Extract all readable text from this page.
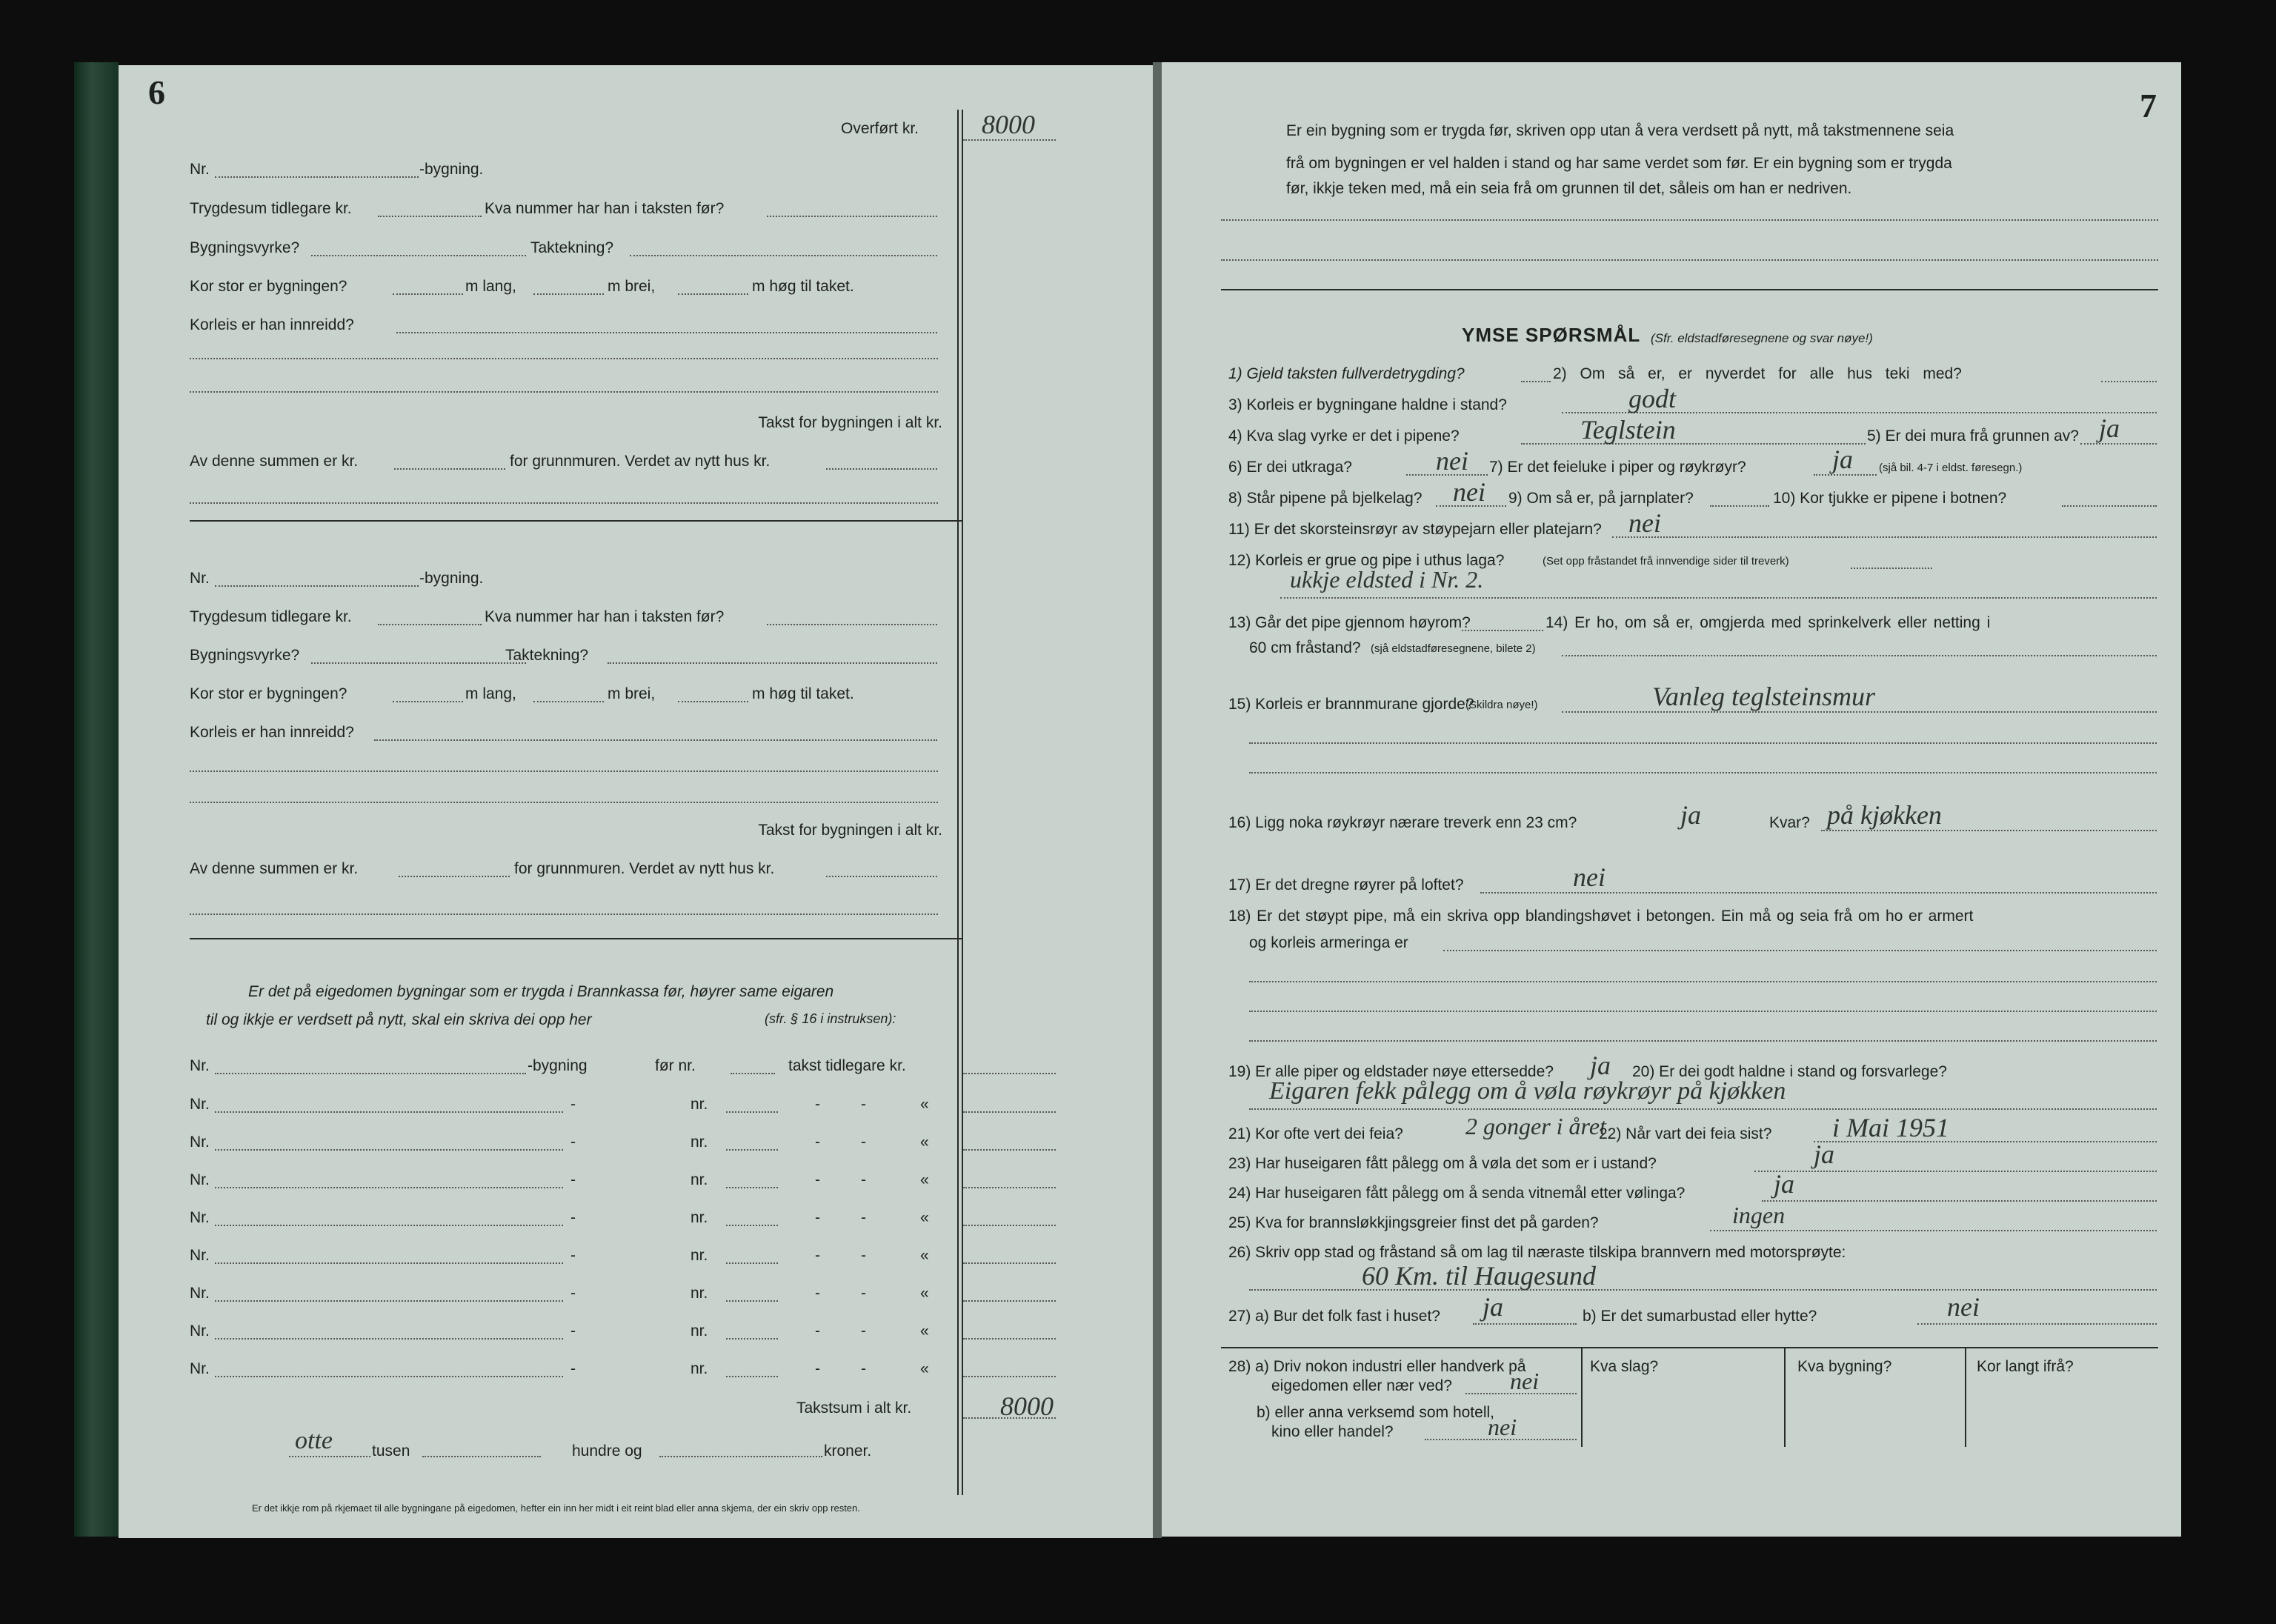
6
Overført kr. 8000
Nr.	-bygning.
Trygdesum tidlegare kr.	Kva nummer har han i taksten før?
Bygningsvyrke?	Taktekning?
Kor stor er bygningen?	m lang,	m brei,	m høg til taket.
Korleis er han innreidd?
Takst for bygningen i alt kr.
Av denne summen er kr.	for grunnmuren. Verdet av nytt hus kr.
Nr.	-bygning.
Trygdesum tidlegare kr.	Kva nummer har han i taksten før?
Bygningsvyrke?	Taktekning?
Kor stor er bygningen?	m lang,	m brei,	m høg til taket.
Korleis er han innreidd?
Takst for bygningen i alt kr.
Av denne summen er kr.	for grunnmuren. Verdet av nytt hus kr.
Er det på eigedomen bygningar som er trygda i Brannkassa før, høyrer same eigaren
til og ikkje er verdsett på nytt, skal ein skriva dei opp her	(sfr. § 16 i instruksen):
Nr.	-bygning	før nr.	takst tidlegare kr.
Nr.	-	nr.	-	-	«
Nr.	-	nr.	-	-	«
Nr.	-	nr.	-	-	«
Nr.	-	nr.	-	-	«
Nr.	-	nr.	-	-	«
Nr.	-	nr.	-	-	«
Nr.	-	nr.	-	-	«
Nr.	-	nr.	-	-	«
Takstsum i alt kr.	8000
otte	tusen	hundre og	kroner.
Er det ikkje rom på rkjemaet til alle bygningane på eigedomen, hefter ein inn her midt i eit reint blad eller anna skjema, der ein skriv opp resten.
7
Er ein bygning som er trygda før, skriven opp utan å vera verdsett på nytt, må takstmennene seia
frå om bygningen er vel halden i stand og har same verdet som før. Er ein bygning som er trygda
før, ikkje teken med, må ein seia frå om grunnen til det, såleis om han er nedriven.
YMSE SPØRSMÅL (Sfr. eldstadføresegnene og svar nøye!)
1) Gjeld taksten fullverdetrygding?	2) Om så er, er nyverdet for alle hus teki med?
3) Korleis er bygningane haldne i stand?	godt
4) Kva slag vyrke er det i pipene?	Teglstein	5) Er dei mura frå grunnen av? ja
6) Er dei utkraga?	nei 7) Er det feieluke i piper og røykrøyr?	ja (sjå bil. 4-7 i eldst. føresegn.)
8) Står pipene på bjelkelag? nei 9) Om så er, på jarnplater?	10) Kor tjukke er pipene i botnen?
11) Er det skorsteinsrøyr av støypejarn eller platejarn? nei
12) Korleis er grue og pipe i uthus laga?	(Set opp fråstandet frå innvendige sider til treverk)
ukkje eldsted i Nr. 2.
13) Går det pipe gjennom høyrom?	14) Er ho, om så er, omgjerda med sprinkelverk eller netting i
60 cm fråstand? (sjå eldstadføresegnene, bilete 2)
15) Korleis er brannmurane gjorde?
(Skildra nøye!)	Vanleg teglsteinsmur
16) Ligg noka røykrøyr nærare treverk enn 23 cm?	ja	Kvar? på kjøkken
17) Er det dregne røyrer på loftet?	nei
18) Er det støypt pipe, må ein skriva opp blandingshøvet i betongen. Ein må og seia frå om ho er armert
og korleis armeringa er
19) Er alle piper og eldstader nøye ettersedde? ja 20) Er dei godt haldne i stand og forsvarlege?
Eigaren fekk pålegg om å vøla røykrøyr på kjøkken
21) Kor ofte vert dei feia?	2 gonger i året
22) Når vart dei feia sist? i Mai 1951
23) Har huseigaren fått pålegg om å vøla det som er i ustand?	ja
24) Har huseigaren fått pålegg om å senda vitnemål etter vølinga?	ja
25) Kva for brannsløkkjingsgreier finst det på garden?	ingen
26) Skriv opp stad og fråstand så om lag til næraste tilskipa brannvern med motorsprøyte:
60 Km. til Haugesund
27) a) Bur det folk fast i huset? ja	b) Er det sumarbustad eller hytte?	nei
28) a) Driv nokon industri eller handverk på
eigedomen eller nær ved? nei
b) eller anna verksemd som hotell,
kino eller handel?	nei
Kva slag?	Kva bygning?	Kor langt ifrå?
